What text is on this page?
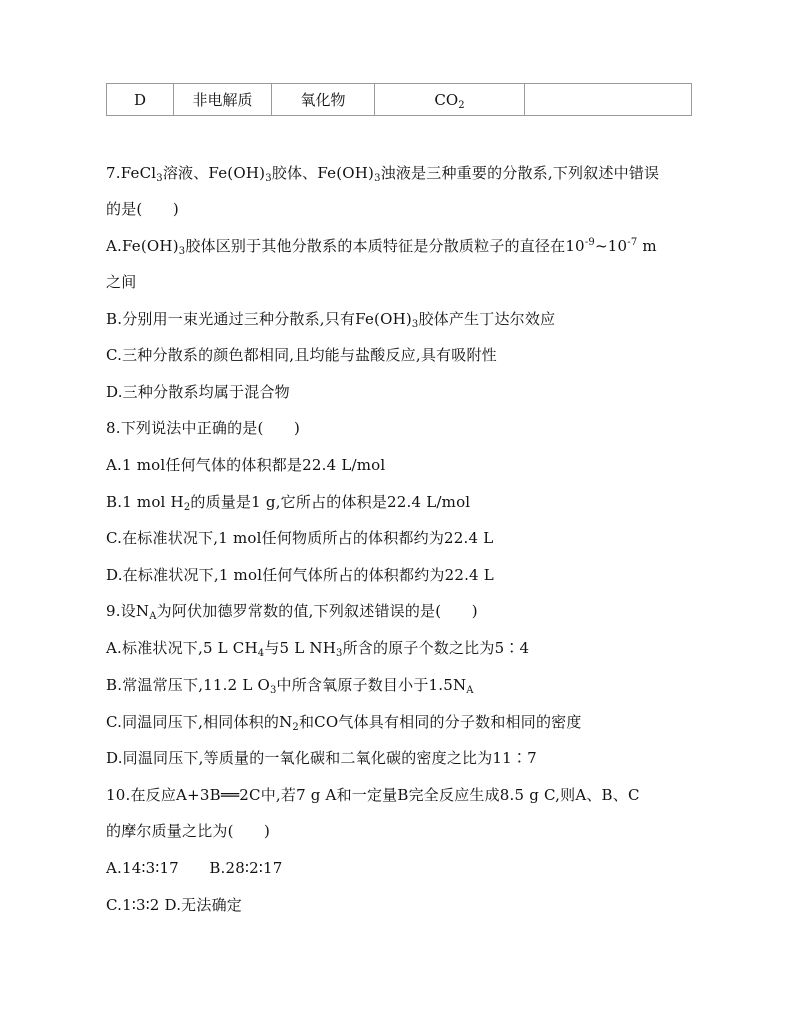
D	非电解质	氧化物	$CO_2$	
7.FeCl$_3$溶液、$Fe(OH)_3$胶体、$Fe(OH)_3$浊液是三种重要的分散系,下列叙述中错误
的是(　　)
$A.Fe(OH)_3$胶体区别于其他分散系的本质特征是分散质粒子的直径在$10^{-9}\sim 10^{-7}$ m
之间
B.分别用一束光通过三种分散系,只有$Fe(OH)_3$胶体产生丁达尔效应
C.三种分散系的颜色都相同,且均能与盐酸反应,具有吸附性
D.三种分散系均属于混合物
8.下列说法中正确的是(　　)
A.1 mol任何气体的体积都是22.4 L/mol
B.1 mol $H_2$的质量是1 g,它所占的体积是22.4 L/mol
C.在标准状况下,1 mol任何物质所占的体积都约为22.4 L
D.在标准状况下,1 mol任何气体所占的体积都约为22.4 L
9.设$N_A$为阿伏加德罗常数的值,下列叙述错误的是(　　)
A.标准状况下,5 L $CH_4$与5 L $NH_3$所含的原子个数之比为5∶4
B.常温常压下,11.2 L $O_3$中所含氧原子数目小于$1.5N_A$
C.同温同压下,相同体积的$N_2$和CO气体具有相同的分子数和相同的密度
D.同温同压下,等质量的一氧化碳和二氧化碳的密度之比为11∶7
10.在反应A+3B══2C中,若7 g A和一定量B完全反应生成8.5 g C,则A、B、C
的摩尔质量之比为(　　)
A.14∶3∶17　　B.28∶2∶17
C.1∶3∶2 D.无法确定
